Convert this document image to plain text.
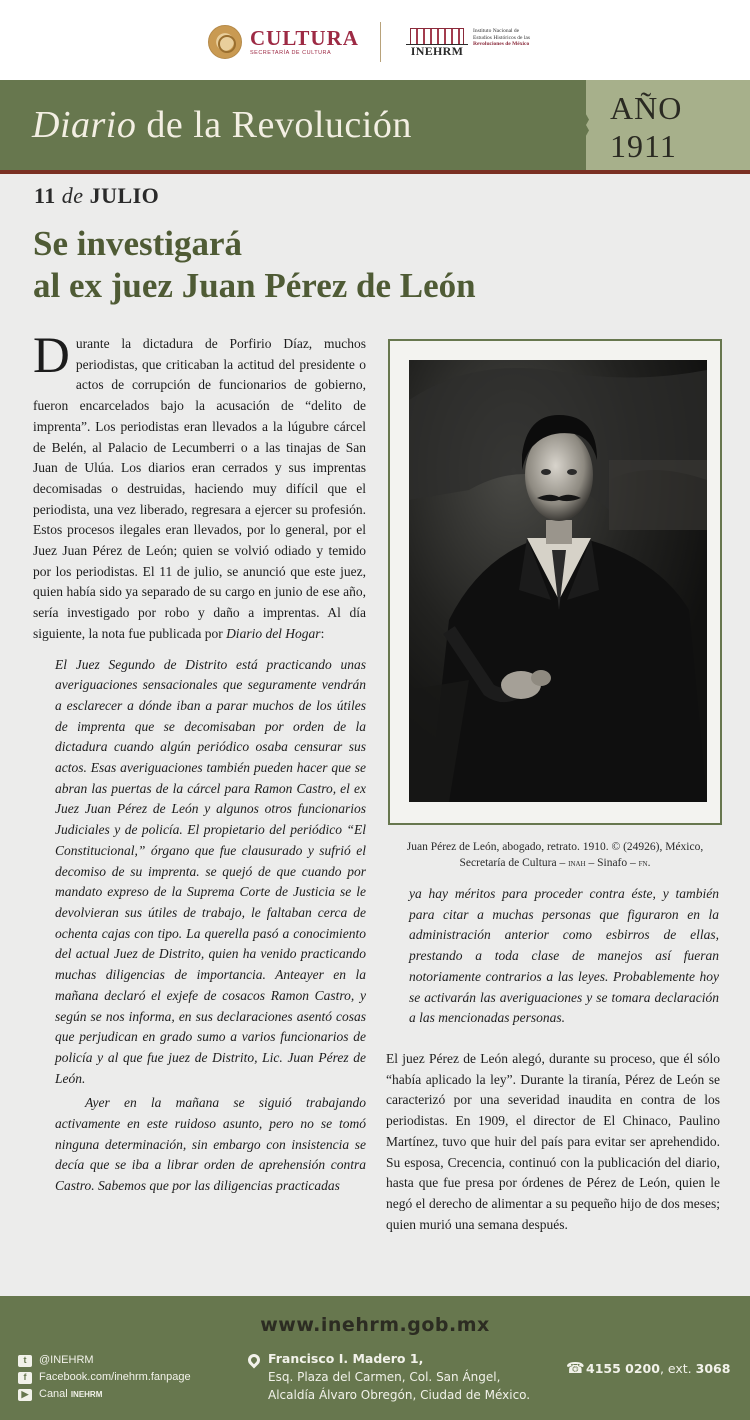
CULTURA
SECRETARÍA DE CULTURA	INEHRM
Instituto Nacional de
Estudios Históricos de las
Revoluciones de México
Diario de la Revolución	AÑO
1911
11 de JULIO
Se investigará
al ex juez Juan Pérez de León

Durante la dictadura de Porfirio Díaz, muchos periodistas, que criticaban la actitud del presidente o actos de corrupción de funcionarios de gobierno, fueron encarcelados bajo la acusación de “delito de imprenta”. Los periodistas eran llevados a la lúgubre cárcel de Belén, al Palacio de Lecumberri o a las tinajas de San Juan de Ulúa. Los diarios eran cerrados y sus imprentas decomisadas o destruidas, haciendo muy difícil que el periodista, una vez liberado, regresara a ejercer su profesión. Estos procesos ilegales eran llevados, por lo general, por el Juez Juan Pérez de León; quien se volvió odiado y temido por los periodistas. El 11 de julio, se anunció que este juez, quien había sido ya separado de su cargo en junio de ese año, sería investigado por robo y daño a imprentas. Al día siguiente, la nota fue publicada por Diario del Hogar:

El Juez Segundo de Distrito está practicando unas averiguaciones sensacionales que seguramente vendrán a esclarecer a dónde iban a parar muchos de los útiles de imprenta que se decomisaban por orden de la dictadura cuando algún periódico osaba censurar sus actos. Esas averiguaciones también pueden hacer que se abran las puertas de la cárcel para Ramon Castro, el ex Juez Juan Pérez de León y algunos otros funcionarios Judiciales y de policía. El propietario del periódico “El Constitucional,” órgano que fue clausurado y sufrió el decomiso de su imprenta. se quejó de que cuando por mandato expreso de la Suprema Corte de Justicia se le devolvieran sus útiles de trabajo, le faltaban cerca de ochenta cajas con tipo. La querella pasó a conocimiento del actual Juez de Distrito, quien ha venido practicando muchas diligencias de importancia. Anteayer en la mañana declaró el exjefe de cosacos Ramon Castro, y según se nos informa, en sus declaraciones asentó cosas que perjudican en grado sumo a varios funcionarios de policía y al que fue juez de Distrito, Lic. Juan Pérez de León.

Ayer en la mañana se siguió trabajando activamente en este ruidoso asunto, pero no se tomó ninguna determinación, sin embargo con insistencia se decía que se iba a librar orden de aprehensión contra Castro. Sabemos que por las diligencias practicadas

Juan Pérez de León, abogado, retrato. 1910. © (24926), México,
Secretaría de Cultura – inah – Sinafo – fn.

ya hay méritos para proceder contra éste, y también para citar a muchas personas que figuraron en la administración anterior como esbirros de ellas, prestando a toda clase de manejos así fueran notoriamente contrarios a las leyes. Probablemente hoy se activarán las averiguaciones y se tomara declaración a las mencionadas personas.

El juez Pérez de León alegó, durante su proceso, que él sólo “había aplicado la ley”. Durante la tiranía, Pérez de León se caracterizó por una severidad inaudita en contra de los periodistas. En 1909, el director de El Chinaco, Paulino Martínez, tuvo que huir del país para evitar ser aprehendido. Su esposa, Crecencia, continuó con la publicación del diario, hasta que fue presa por órdenes de Pérez de León, quien le negó el derecho de alimentar a su pequeño hijo de dos meses; quien murió una semana después.

www.inehrm.gob.mx
t	@INEHRM
f	Facebook.com/inehrm.fanpage
▶ Canal
INEHRM
Francisco I. Madero 1,
Esq. Plaza del Carmen, Col. San Ángel,
Alcaldía Álvaro Obregón, Ciudad de México.
☎ 4155 0200, ext. 3068
